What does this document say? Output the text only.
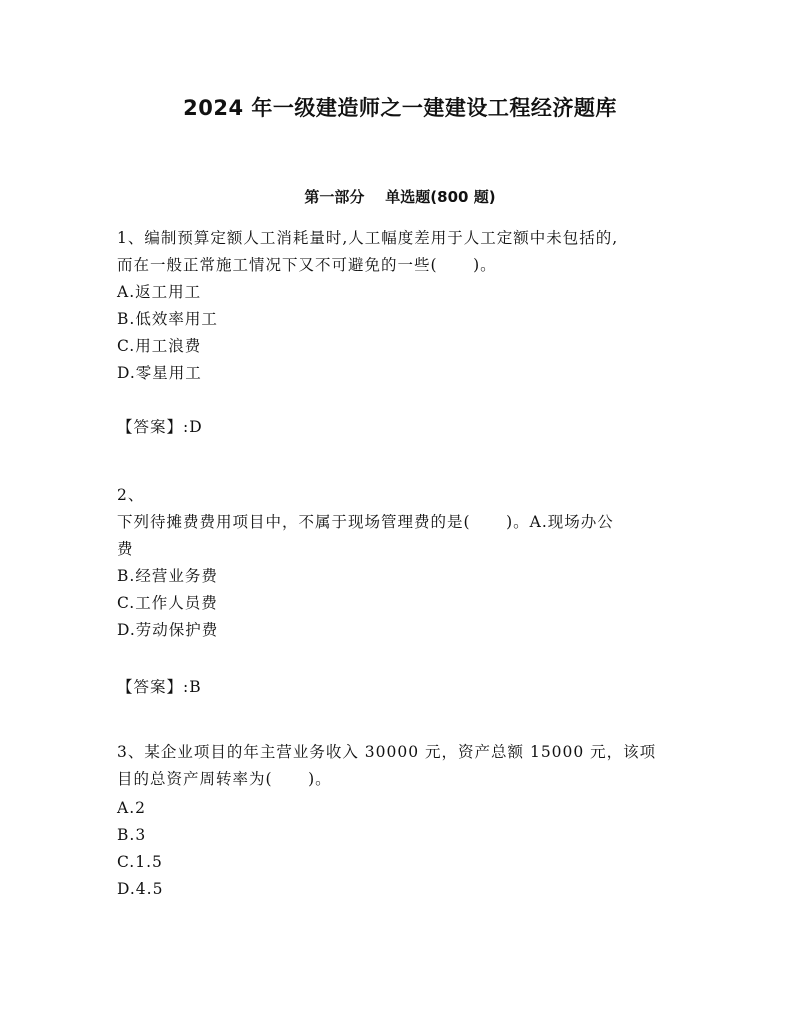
2024 年一级建造师之一建建设工程经济题库
第一部分    单选题(800 题)
1、编制预算定额人工消耗量时,人工幅度差用于人工定额中未包括的,
而在一般正常施工情况下又不可避免的一些(      )。
A.返工用工
B.低效率用工
C.用工浪费
D.零星用工
【答案】:D
2、
下列待摊费费用项目中，不属于现场管理费的是(      )。A.现场办公
费
B.经营业务费
C.工作人员费
D.劳动保护费
【答案】:B
3、某企业项目的年主营业务收入 30000 元，资产总额 15000 元，该项
目的总资产周转率为(      )。
A.2
B.3
C.1.5
D.4.5
